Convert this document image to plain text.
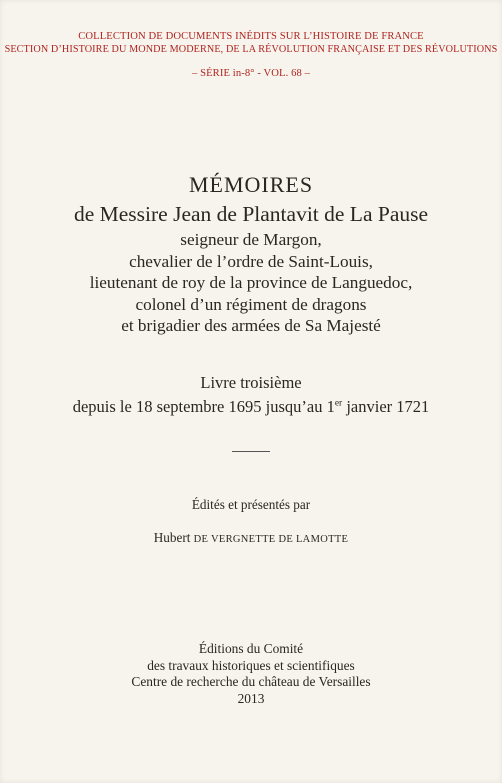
COLLECTION DE DOCUMENTS INÉDITS SUR L’HISTOIRE DE FRANCE
SECTION D’HISTOIRE DU MONDE MODERNE, DE LA RÉVOLUTION FRANÇAISE ET DES RÉVOLUTIONS
– SÉRIE in-8° - VOL. 68 –
MÉMOIRES
de Messire Jean de Plantavit de La Pause
seigneur de Margon,
chevalier de l’ordre de Saint-Louis,
lieutenant de roy de la province de Languedoc,
colonel d’un régiment de dragons
et brigadier des armées de Sa Majesté
Livre troisième
depuis le 18 septembre 1695 jusqu’au 1er janvier 1721
Édités et présentés par
Hubert DE VERGNETTE DE LAMOTTE
Éditions du Comité
des travaux historiques et scientifiques
Centre de recherche du château de Versailles
2013
